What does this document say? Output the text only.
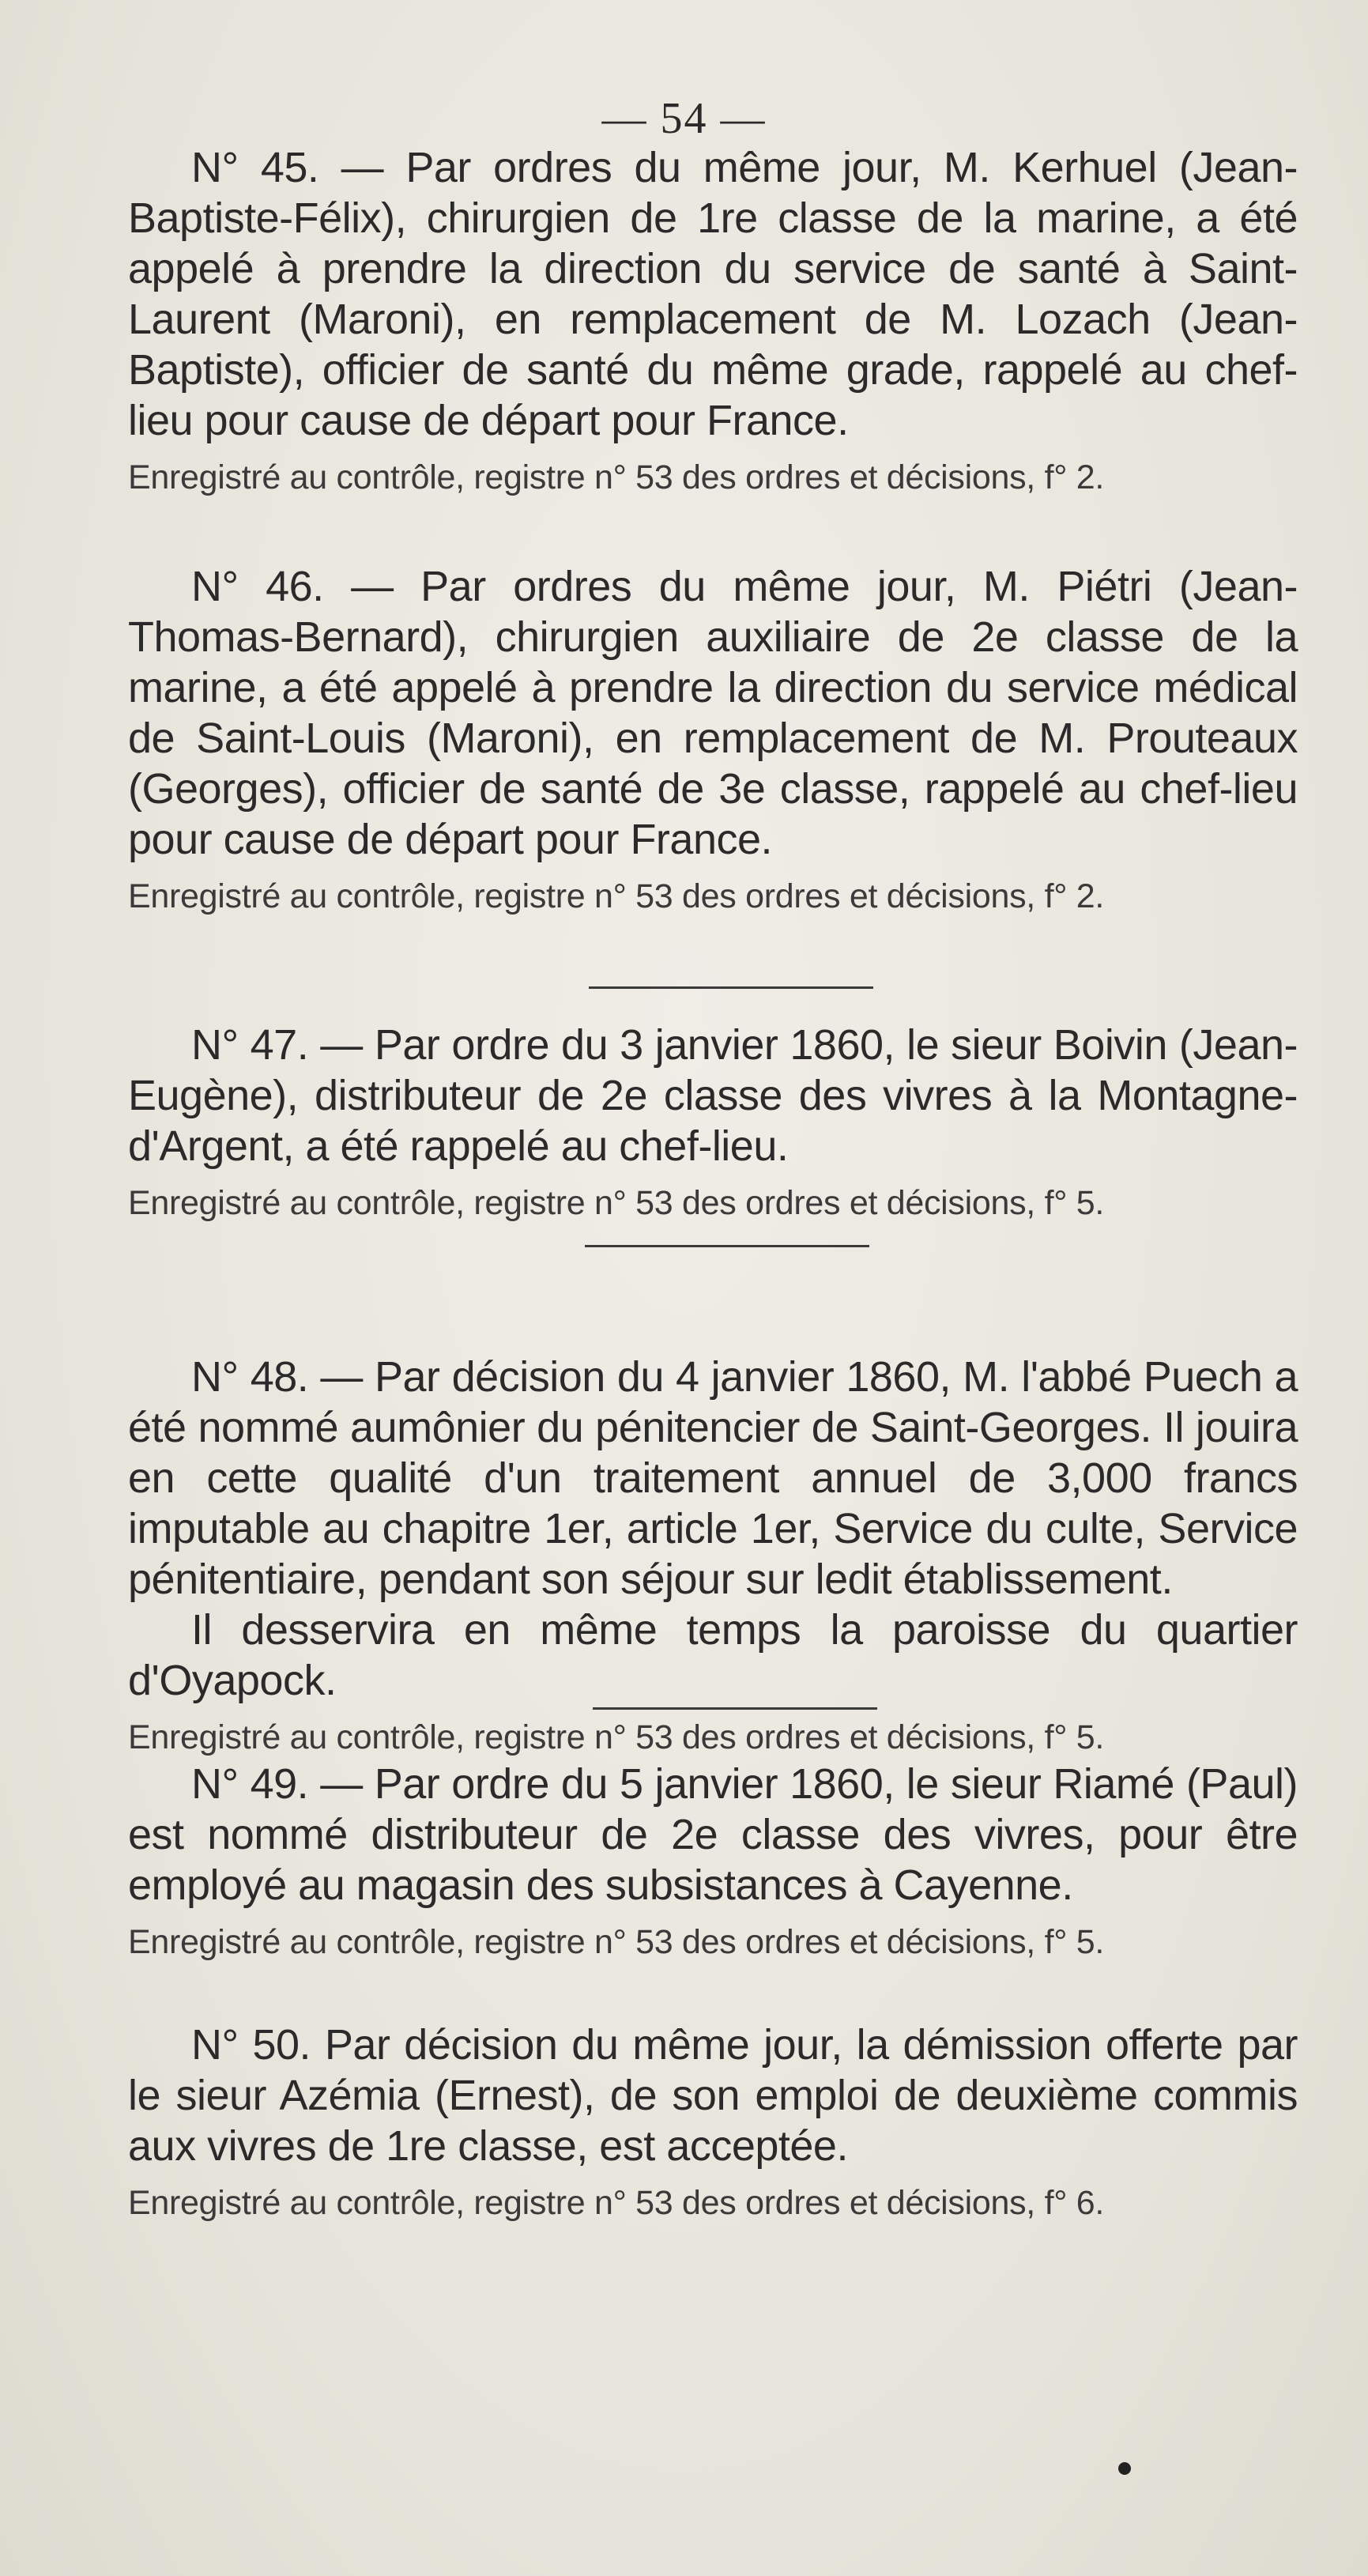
— 54 —

N° 45. — Par ordres du même jour, M. Kerhuel (Jean-Baptiste-Félix), chirurgien de 1re classe de la marine, a été appelé à prendre la direction du service de santé à Saint-Laurent (Maroni), en remplacement de M. Lozach (Jean-Baptiste), officier de santé du même grade, rappelé au chef-lieu pour cause de départ pour France.

Enregistré au contrôle, registre n° 53 des ordres et décisions, f° 2.

N° 46. — Par ordres du même jour, M. Piétri (Jean-Thomas-Bernard), chirurgien auxiliaire de 2e classe de la marine, a été appelé à prendre la direction du service médical de Saint-Louis (Maroni), en remplacement de M. Prouteaux (Georges), officier de santé de 3e classe, rappelé au chef-lieu pour cause de départ pour France.

Enregistré au contrôle, registre n° 53 des ordres et décisions, f° 2.

N° 47. — Par ordre du 3 janvier 1860, le sieur Boivin (Jean-Eugène), distributeur de 2e classe des vivres à la Montagne-d'Argent, a été rappelé au chef-lieu.

Enregistré au contrôle, registre n° 53 des ordres et décisions, f° 5.

N° 48. — Par décision du 4 janvier 1860, M. l'abbé Puech a été nommé aumônier du pénitencier de Saint-Georges. Il jouira en cette qualité d'un traitement annuel de 3,000 francs imputable au chapitre 1er, article 1er, Service du culte, Service pénitentiaire, pendant son séjour sur ledit établissement.

Il desservira en même temps la paroisse du quartier d'Oyapock.

Enregistré au contrôle, registre n° 53 des ordres et décisions, f° 5.

N° 49. — Par ordre du 5 janvier 1860, le sieur Riamé (Paul) est nommé distributeur de 2e classe des vivres, pour être employé au magasin des subsistances à Cayenne.

Enregistré au contrôle, registre n° 53 des ordres et décisions, f° 5.

N° 50. Par décision du même jour, la démission offerte par le sieur Azémia (Ernest), de son emploi de deuxième commis aux vivres de 1re classe, est acceptée.

Enregistré au contrôle, registre n° 53 des ordres et décisions, f° 6.
